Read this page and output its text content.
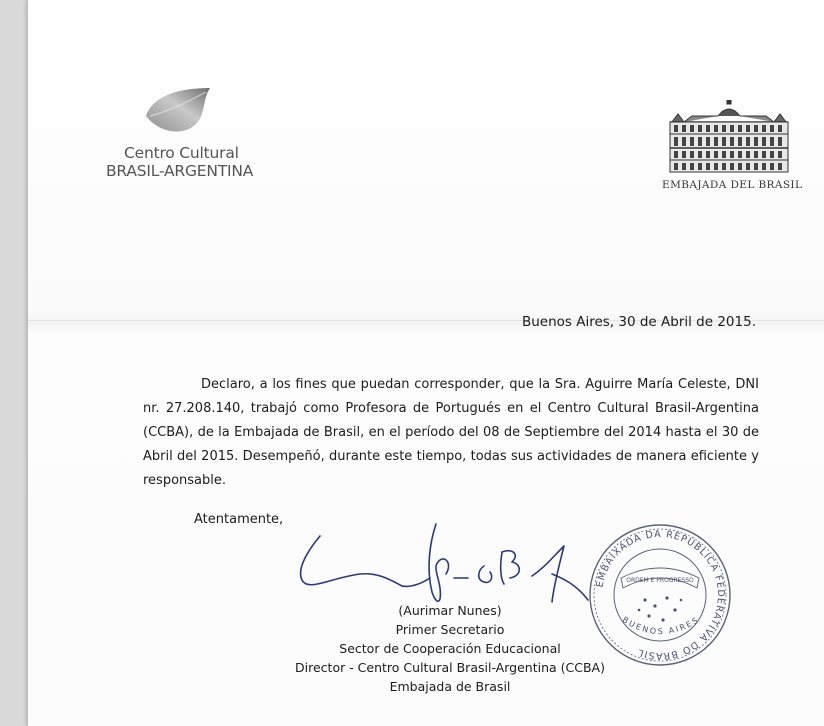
Centro Cultural
BRASIL-ARGENTINA
EMBAJADA DEL BRASIL
Buenos Aires, 30 de Abril de 2015.

Declaro, a los fines que puedan corresponder, que la Sra. Aguirre María Celeste, DNI nr. 27.208.140, trabajó como Profesora de Portugués en el Centro Cultural Brasil-Argentina (CCBA), de la Embajada de Brasil, en el período del 08 de Septiembre del 2014 hasta el 30 de Abril del 2015. Desempeñó, durante este tiempo, todas sus actividades de manera eficiente y responsable.

Atentamente,
EMBAIXADA DA REPÚBLICA FEDERATIVA DO BRASIL
ORDEM E PROGRESSO
BUENOS AIRES
(Aurimar Nunes)
Primer Secretario
Sector de Cooperación Educacional
Director - Centro Cultural Brasil-Argentina (CCBA)
Embajada de Brasil
